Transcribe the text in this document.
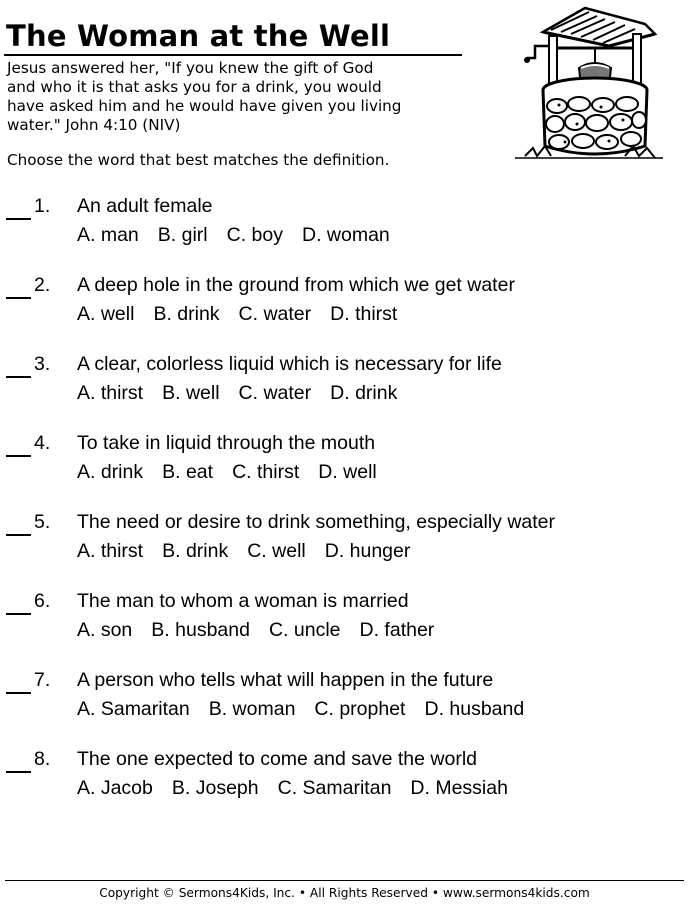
The Woman at the Well
Jesus answered her, "If you knew the gift of God
and who it is that asks you for a drink, you would
have asked him and he would have given you living
water." John 4:10 (NIV)
Choose the word that best matches the definition.
1. An adult female
A. man B. girl C. boy D. woman
2. A deep hole in the ground from which we get water
A. well B. drink C. water D. thirst
3. A clear, colorless liquid which is necessary for life
A. thirst B. well C. water D. drink
4. To take in liquid through the mouth
A. drink B. eat C. thirst D. well
5. The need or desire to drink something, especially water
A. thirst B. drink C. well D. hunger
6. The man to whom a woman is married
A. son B. husband C. uncle D. father
7. A person who tells what will happen in the future
A. Samaritan B. woman C. prophet D. husband
8. The one expected to come and save the world
A. Jacob B. Joseph C. Samaritan D. Messiah
Copyright © Sermons4Kids, Inc. • All Rights Reserved • www.sermons4kids.com
